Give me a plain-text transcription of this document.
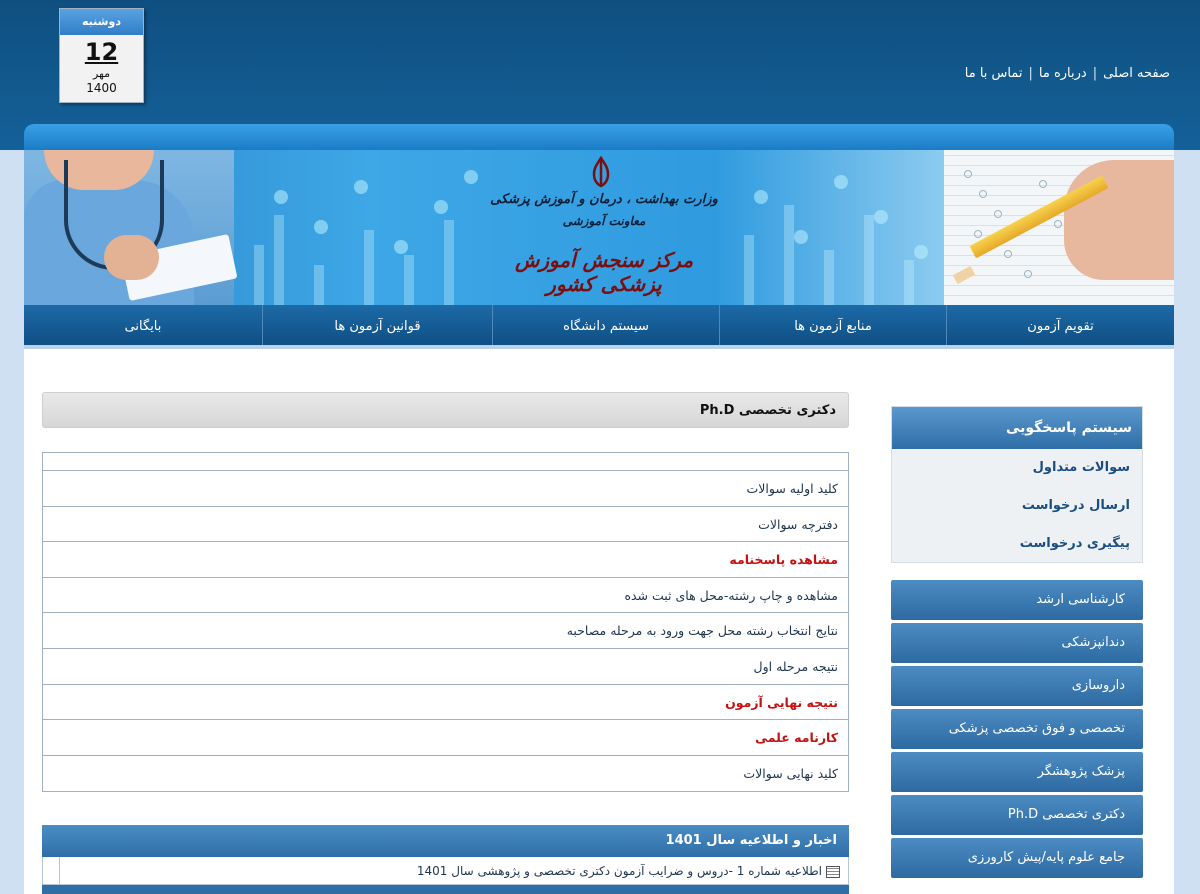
دوشنبه
12
مهر
1400
صفحه اصلی
|
درباره ما
|
تماس با ما
وزارت بهداشت ، درمان و آموزش پزشکی
معاونت آموزشی
مرکز سنجش آموزش پزشکی کشور
تقویم آزمون
منابع آزمون ها
سیستم دانشگاه
قوانین آزمون ها
بایگانی
دکتری تخصصی Ph.D
کلید اولیه سوالات
دفترچه سوالات
مشاهده پاسخنامه
مشاهده و چاپ رشته-محل های ثبت شده
نتایج انتخاب رشته محل جهت ورود به مرحله مصاحبه
نتیجه مرحله اول
نتیجه نهایی آزمون
کارنامه علمی
کلید نهایی سوالات
اخبار و اطلاعیه سال 1401
اطلاعیه شماره 1 -دروس و ضرایب آزمون دکتری تخصصی و پژوهشی سال 1401
سیستم پاسخگویی
سوالات متداول
ارسال درخواست
پیگیری درخواست
کارشناسی ارشد
دندانپزشکی
داروسازی
تخصصی و فوق تخصصی پزشکی
پزشک پژوهشگر
دکتری تخصصی Ph.D
جامع علوم پایه/پیش کارورزی
